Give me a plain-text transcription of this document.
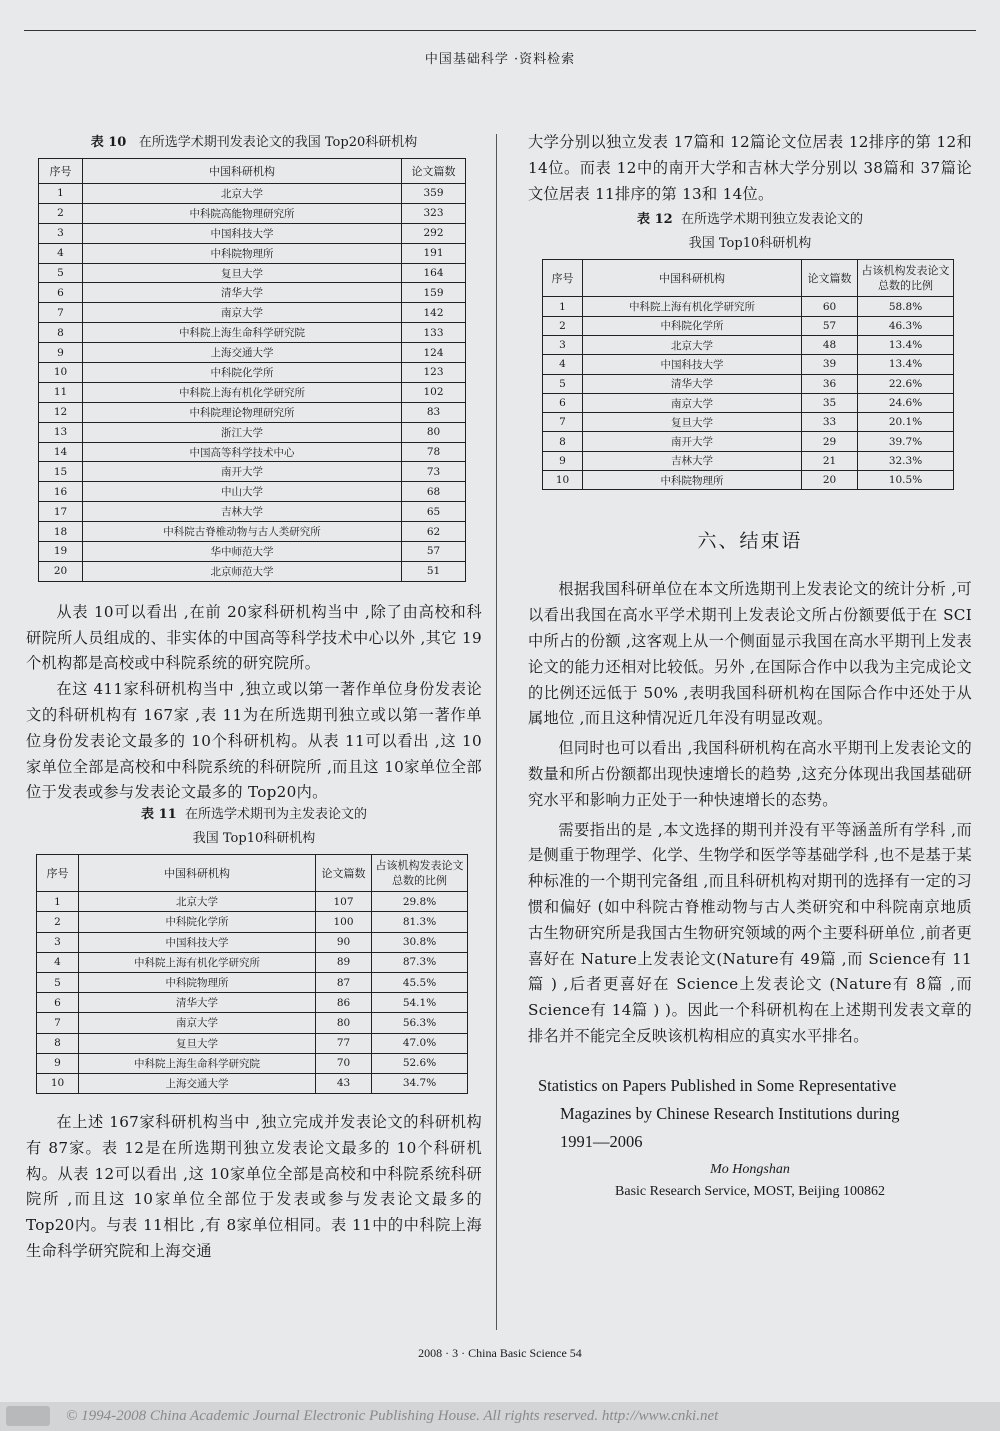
中国基础科学 ·资料检索
表 10 在所选学术期刊发表论文的我国 Top20科研机构
序号	中国科研机构	论文篇数
1	北京大学	359
2	中科院高能物理研究所	323
3	中国科技大学	292
4	中科院物理所	191
5	复旦大学	164
6	清华大学	159
7	南京大学	142
8	中科院上海生命科学研究院	133
9	上海交通大学	124
10	中科院化学所	123
11	中科院上海有机化学研究所	102
12	中科院理论物理研究所	83
13	浙江大学	80
14	中国高等科学技术中心	78
15	南开大学	73
16	中山大学	68
17	吉林大学	65
18	中科院古脊椎动物与古人类研究所	62
19	华中师范大学	57
20	北京师范大学	51

从表 10可以看出 ,在前 20家科研机构当中 ,除了由高校和科研院所人员组成的、非实体的中国高等科学技术中心以外 ,其它 19个机构都是高校或中科院系统的研究院所。

在这 411家科研机构当中 ,独立或以第一著作单位身份发表论文的科研机构有 167家 ,表 11为在所选期刊独立或以第一著作单位身份发表论文最多的 10个科研机构。从表 11可以看出 ,这 10家单位全部是高校和中科院系统的科研院所 ,而且这 10家单位全部位于发表或参与发表论文最多的 Top20内。

表 11 在所选学术期刊为主发表论文的
我国 Top10科研机构
序号	中国科研机构	论文篇数	占该机构发表论文总数的比例
1	北京大学	107	29.8%
2	中科院化学所	100	81.3%
3	中国科技大学	90	30.8%
4	中科院上海有机化学研究所	89	87.3%
5	中科院物理所	87	45.5%
6	清华大学	86	54.1%
7	南京大学	80	56.3%
8	复旦大学	77	47.0%
9	中科院上海生命科学研究院	70	52.6%
10	上海交通大学	43	34.7%

在上述 167家科研机构当中 ,独立完成并发表论文的科研机构有 87家。表 12是在所选期刊独立发表论文最多的 10个科研机构。从表 12可以看出 ,这 10家单位全部是高校和中科院系统科研院所 ,而且这 10家单位全部位于发表或参与发表论文最多的 Top20内。与表 11相比 ,有 8家单位相同。表 11中的中科院上海生命科学研究院和上海交通

大学分别以独立发表 17篇和 12篇论文位居表 12排序的第 12和 14位。而表 12中的南开大学和吉林大学分别以 38篇和 37篇论文位居表 11排序的第 13和 14位。

表 12 在所选学术期刊独立发表论文的
我国 Top10科研机构
序号	中国科研机构	论文篇数	占该机构发表论文总数的比例
1	中科院上海有机化学研究所	60	58.8%
2	中科院化学所	57	46.3%
3	北京大学	48	13.4%
4	中国科技大学	39	13.4%
5	清华大学	36	22.6%
6	南京大学	35	24.6%
7	复旦大学	33	20.1%
8	南开大学	29	39.7%
9	吉林大学	21	32.3%
10	中科院物理所	20	10.5%
六、结束语

根据我国科研单位在本文所选期刊上发表论文的统计分析 ,可以看出我国在高水平学术期刊上发表论文所占份额要低于在 SCI中所占的份额 ,这客观上从一个侧面显示我国在高水平期刊上发表论文的能力还相对比较低。另外 ,在国际合作中以我为主完成论文的比例还远低于 50% ,表明我国科研机构在国际合作中还处于从属地位 ,而且这种情况近几年没有明显改观。

但同时也可以看出 ,我国科研机构在高水平期刊上发表论文的数量和所占份额都出现快速增长的趋势 ,这充分体现出我国基础研究水平和影响力正处于一种快速增长的态势。

需要指出的是 ,本文选择的期刊并没有平等涵盖所有学科 ,而是侧重于物理学、化学、生物学和医学等基础学科 ,也不是基于某种标准的一个期刊完备组 ,而且科研机构对期刊的选择有一定的习惯和偏好 (如中科院古脊椎动物与古人类研究和中科院南京地质古生物研究所是我国古生物研究领域的两个主要科研单位 ,前者更喜好在 Nature上发表论文(Nature有 49篇 ,而 Science有 11篇 ) ,后者更喜好在 Science上发表论文 (Nature有 8篇 ,而 Science有 14篇 ) )。因此一个科研机构在上述期刊发表文章的排名并不能完全反映该机构相应的真实水平排名。

Statistics on Papers Published in Some Representative
Magazines by Chinese Research Institutions during
1991—2006
Mo Hongshan
Basic Research Service, MOST, Beijing 100862
2008 · 3 · China Basic Science 54
© 1994-2008 China Academic Journal Electronic Publishing House. All rights reserved. http://www.cnki.net
